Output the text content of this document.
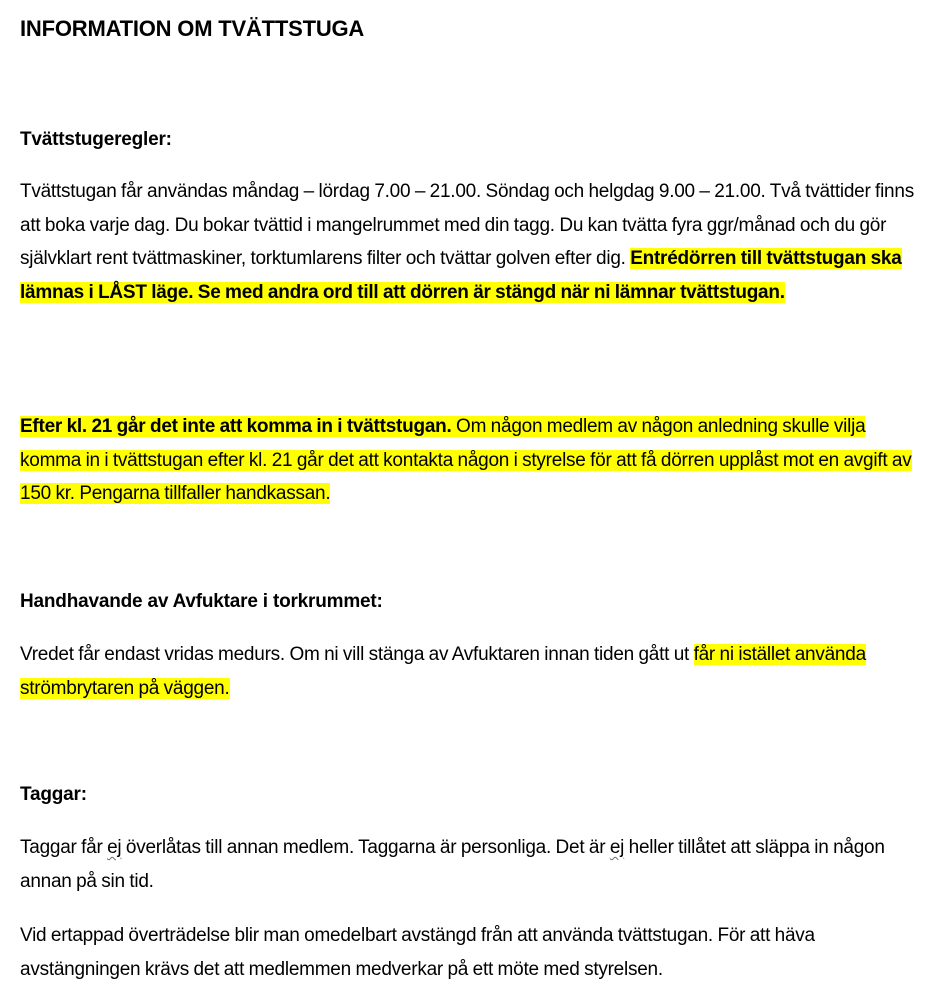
INFORMATION OM TVÄTTSTUGA
Tvättstugeregler:

Tvättstugan får användas måndag – lördag 7.00 – 21.00. Söndag och helgdag 9.00 – 21.00. Två tvättider finns att boka varje dag. Du bokar tvättid i mangelrummet med din tagg. Du kan tvätta fyra ggr/månad och du gör självklart rent tvättmaskiner, torktumlarens filter och tvättar golven efter dig. Entrédörren till tvättstugan ska lämnas i LÅST läge. Se med andra ord till att dörren är stängd när ni lämnar tvättstugan.

Efter kl. 21 går det inte att komma in i tvättstugan. Om någon medlem av någon anledning skulle vilja komma in i tvättstugan efter kl. 21 går det att kontakta någon i styrelse för att få dörren upplåst mot en avgift av 150 kr. Pengarna tillfaller handkassan.

Handhavande av Avfuktare i torkrummet:

Vredet får endast vridas medurs. Om ni vill stänga av Avfuktaren innan tiden gått ut får ni istället använda strömbrytaren på väggen.

Taggar:

Taggar får ej överlåtas till annan medlem. Taggarna är personliga. Det är ej heller tillåtet att släppa in någon annan på sin tid.

Vid ertappad överträdelse blir man omedelbart avstängd från att använda tvättstugan. För att häva avstängningen krävs det att medlemmen medverkar på ett möte med styrelsen.
